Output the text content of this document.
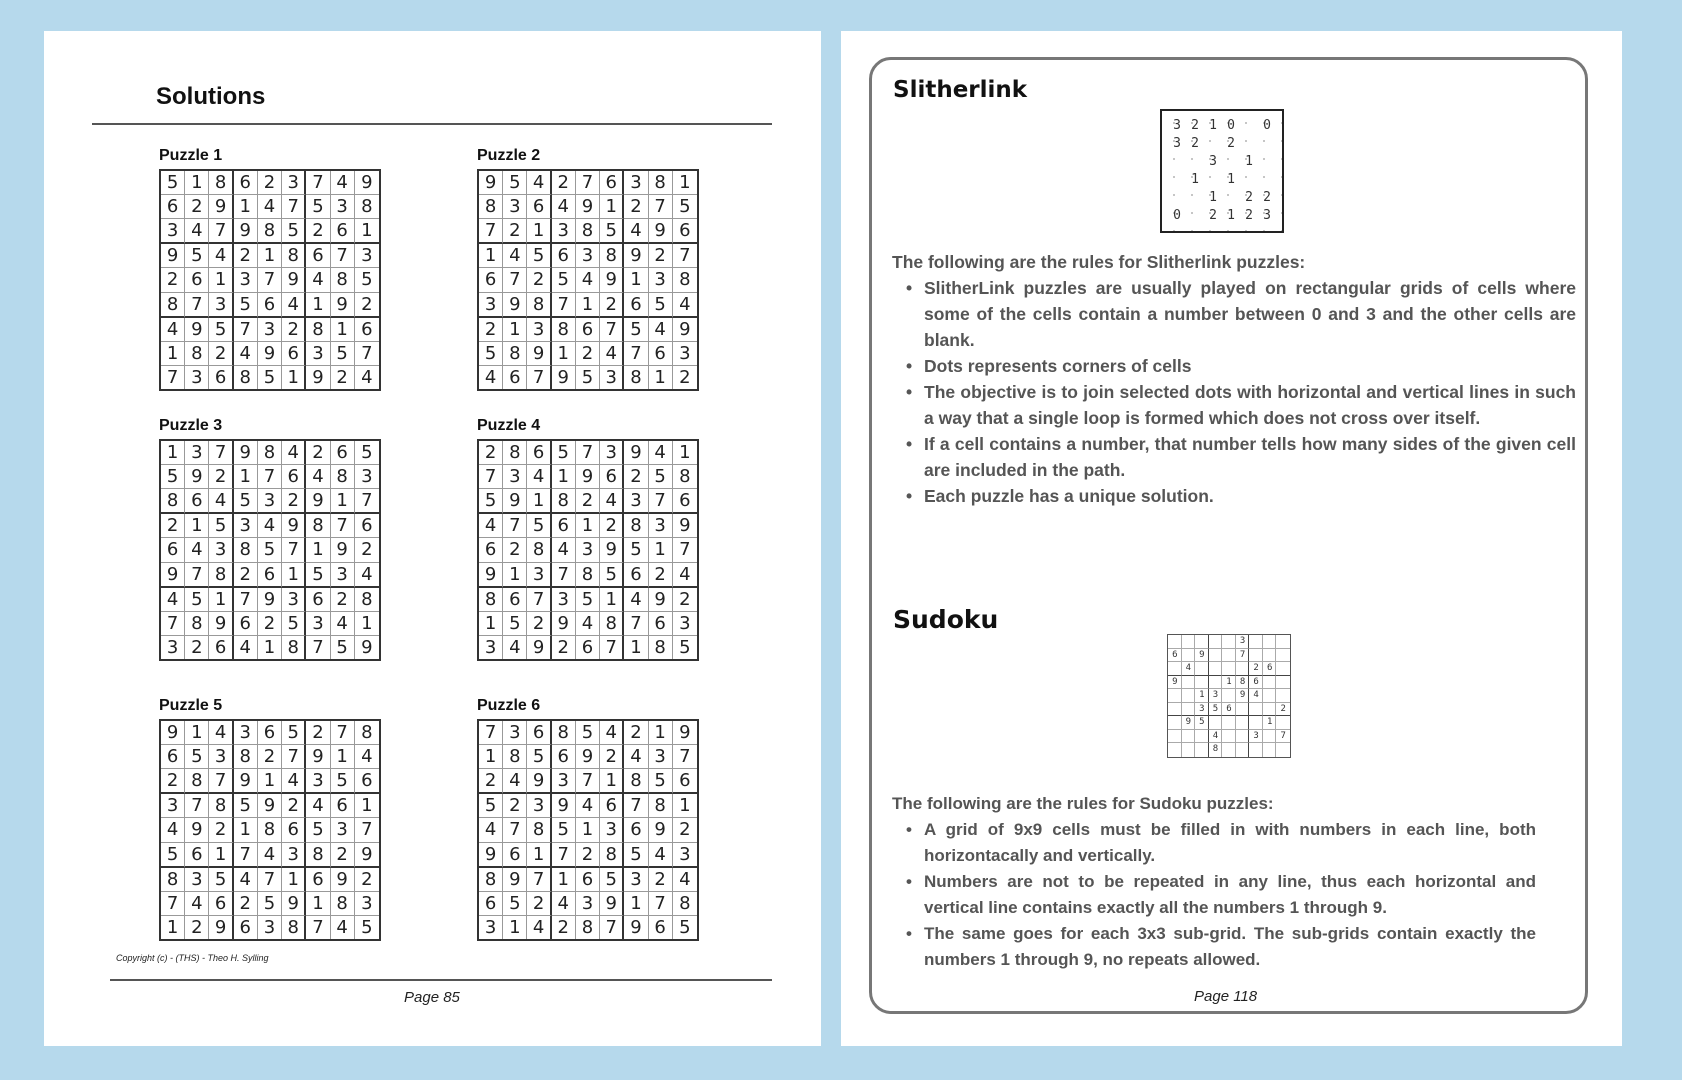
Solutions
Puzzle 1
5 1 8 6 2 3 7 4 9
6 2 9 1 4 7 5 3 8
3 4 7 9 8 5 2 6 1
9 5 4 2 1 8 6 7 3
2 6 1 3 7 9 4 8 5
8 7 3 5 6 4 1 9 2
4 9 5 7 3 2 8 1 6
1 8 2 4 9 6 3 5 7
7 3 6 8 5 1 9 2 4
Puzzle 2
9 5 4 2 7 6 3 8 1
8 3 6 4 9 1 2 7 5
7 2 1 3 8 5 4 9 6
1 4 5 6 3 8 9 2 7
6 7 2 5 4 9 1 3 8
3 9 8 7 1 2 6 5 4
2 1 3 8 6 7 5 4 9
5 8 9 1 2 4 7 6 3
4 6 7 9 5 3 8 1 2
Puzzle 3
1 3 7 9 8 4 2 6 5
5 9 2 1 7 6 4 8 3
8 6 4 5 3 2 9 1 7
2 1 5 3 4 9 8 7 6
6 4 3 8 5 7 1 9 2
9 7 8 2 6 1 5 3 4
4 5 1 7 9 3 6 2 8
7 8 9 6 2 5 3 4 1
3 2 6 4 1 8 7 5 9
Puzzle 4
2 8 6 5 7 3 9 4 1
7 3 4 1 9 6 2 5 8
5 9 1 8 2 4 3 7 6
4 7 5 6 1 2 8 3 9
6 2 8 4 3 9 5 1 7
9 1 3 7 8 5 6 2 4
8 6 7 3 5 1 4 9 2
1 5 2 9 4 8 7 6 3
3 4 9 2 6 7 1 8 5
Puzzle 5
9 1 4 3 6 5 2 7 8
6 5 3 8 2 7 9 1 4
2 8 7 9 1 4 3 5 6
3 7 8 5 9 2 4 6 1
4 9 2 1 8 6 5 3 7
5 6 1 7 4 3 8 2 9
8 3 5 4 7 1 6 9 2
7 4 6 2 5 9 1 8 3
1 2 9 6 3 8 7 4 5
Puzzle 6
7 3 6 8 5 4 2 1 9
1 8 5 6 9 2 4 3 7
2 4 9 3 7 1 8 5 6
5 2 3 9 4 6 7 8 1
4 7 8 5 1 3 6 9 2
9 6 1 7 2 8 5 4 3
8 9 7 1 6 5 3 2 4
6 5 2 4 3 9 1 7 8
3 1 4 2 8 7 9 6 5
Copyright (c) - (THS) - Theo H. Sylling
Page 85
Slitherlink
3210 0
32 2
3 1
1 1
1 22
0 2123
The following are the rules for Slitherlink puzzles:
• SlitherLink puzzles are usually played on rectangular grids of cells where some of the cells contain a number between 0 and 3 and the other cells are blank.
• Dots represents corners of cells
• The objective is to join selected dots with horizontal and vertical lines in such a way that a single loop is formed which does not cross over itself.
• If a cell contains a number, that number tells how many sides of the given cell are included in the path.
• Each puzzle has a unique solution.
Sudoku
3
6 9  7
4    26
9   186
13 94
356   2
95    1
4  3 7
8
The following are the rules for Sudoku puzzles:
• A grid of 9x9 cells must be filled in with numbers in each line, both horizontacally and vertically.
• Numbers are not to be repeated in any line, thus each horizontal and vertical line contains exactly all the numbers 1 through 9.
• The same goes for each 3x3 sub-grid. The sub-grids contain exactly the numbers 1 through 9, no repeats allowed.
Page 118
